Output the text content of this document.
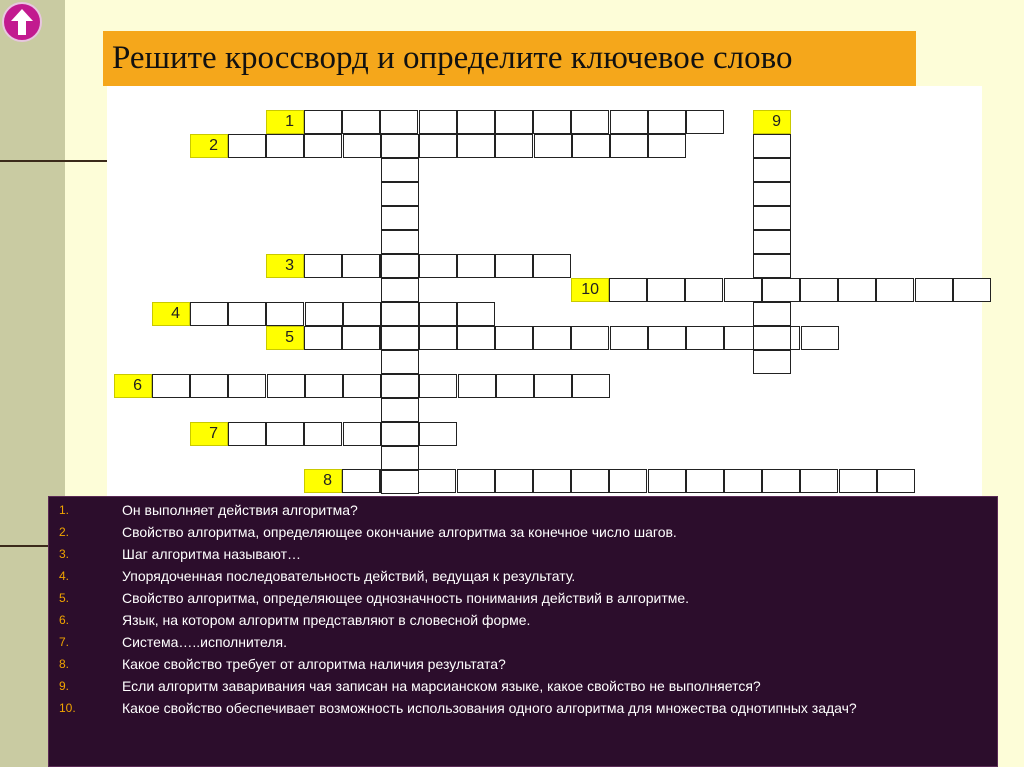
Решите кроссворд и определите ключевое слово
1
2
3
4
5
6
7
8
9
10
1.	Он выполняет действия алгоритма?
2.	Свойство алгоритма, определяющее окончание алгоритма за конечное число шагов.
3.	Шаг алгоритма называют…
4.	Упорядоченная последовательность действий, ведущая к результату.
5.	Свойство алгоритма, определяющее однозначность понимания действий в алгоритме.
6.	Язык, на котором алгоритм представляют в словесной форме.
7.	Система…..исполнителя.
8.	Какое свойство требует от алгоритма наличия результата?
9.	Если алгоритм заваривания чая записан на марсианском языке, какое свойство не выполняется?
10.	Какое свойство обеспечивает возможность использования одного алгоритма для множества однотипных задач?
